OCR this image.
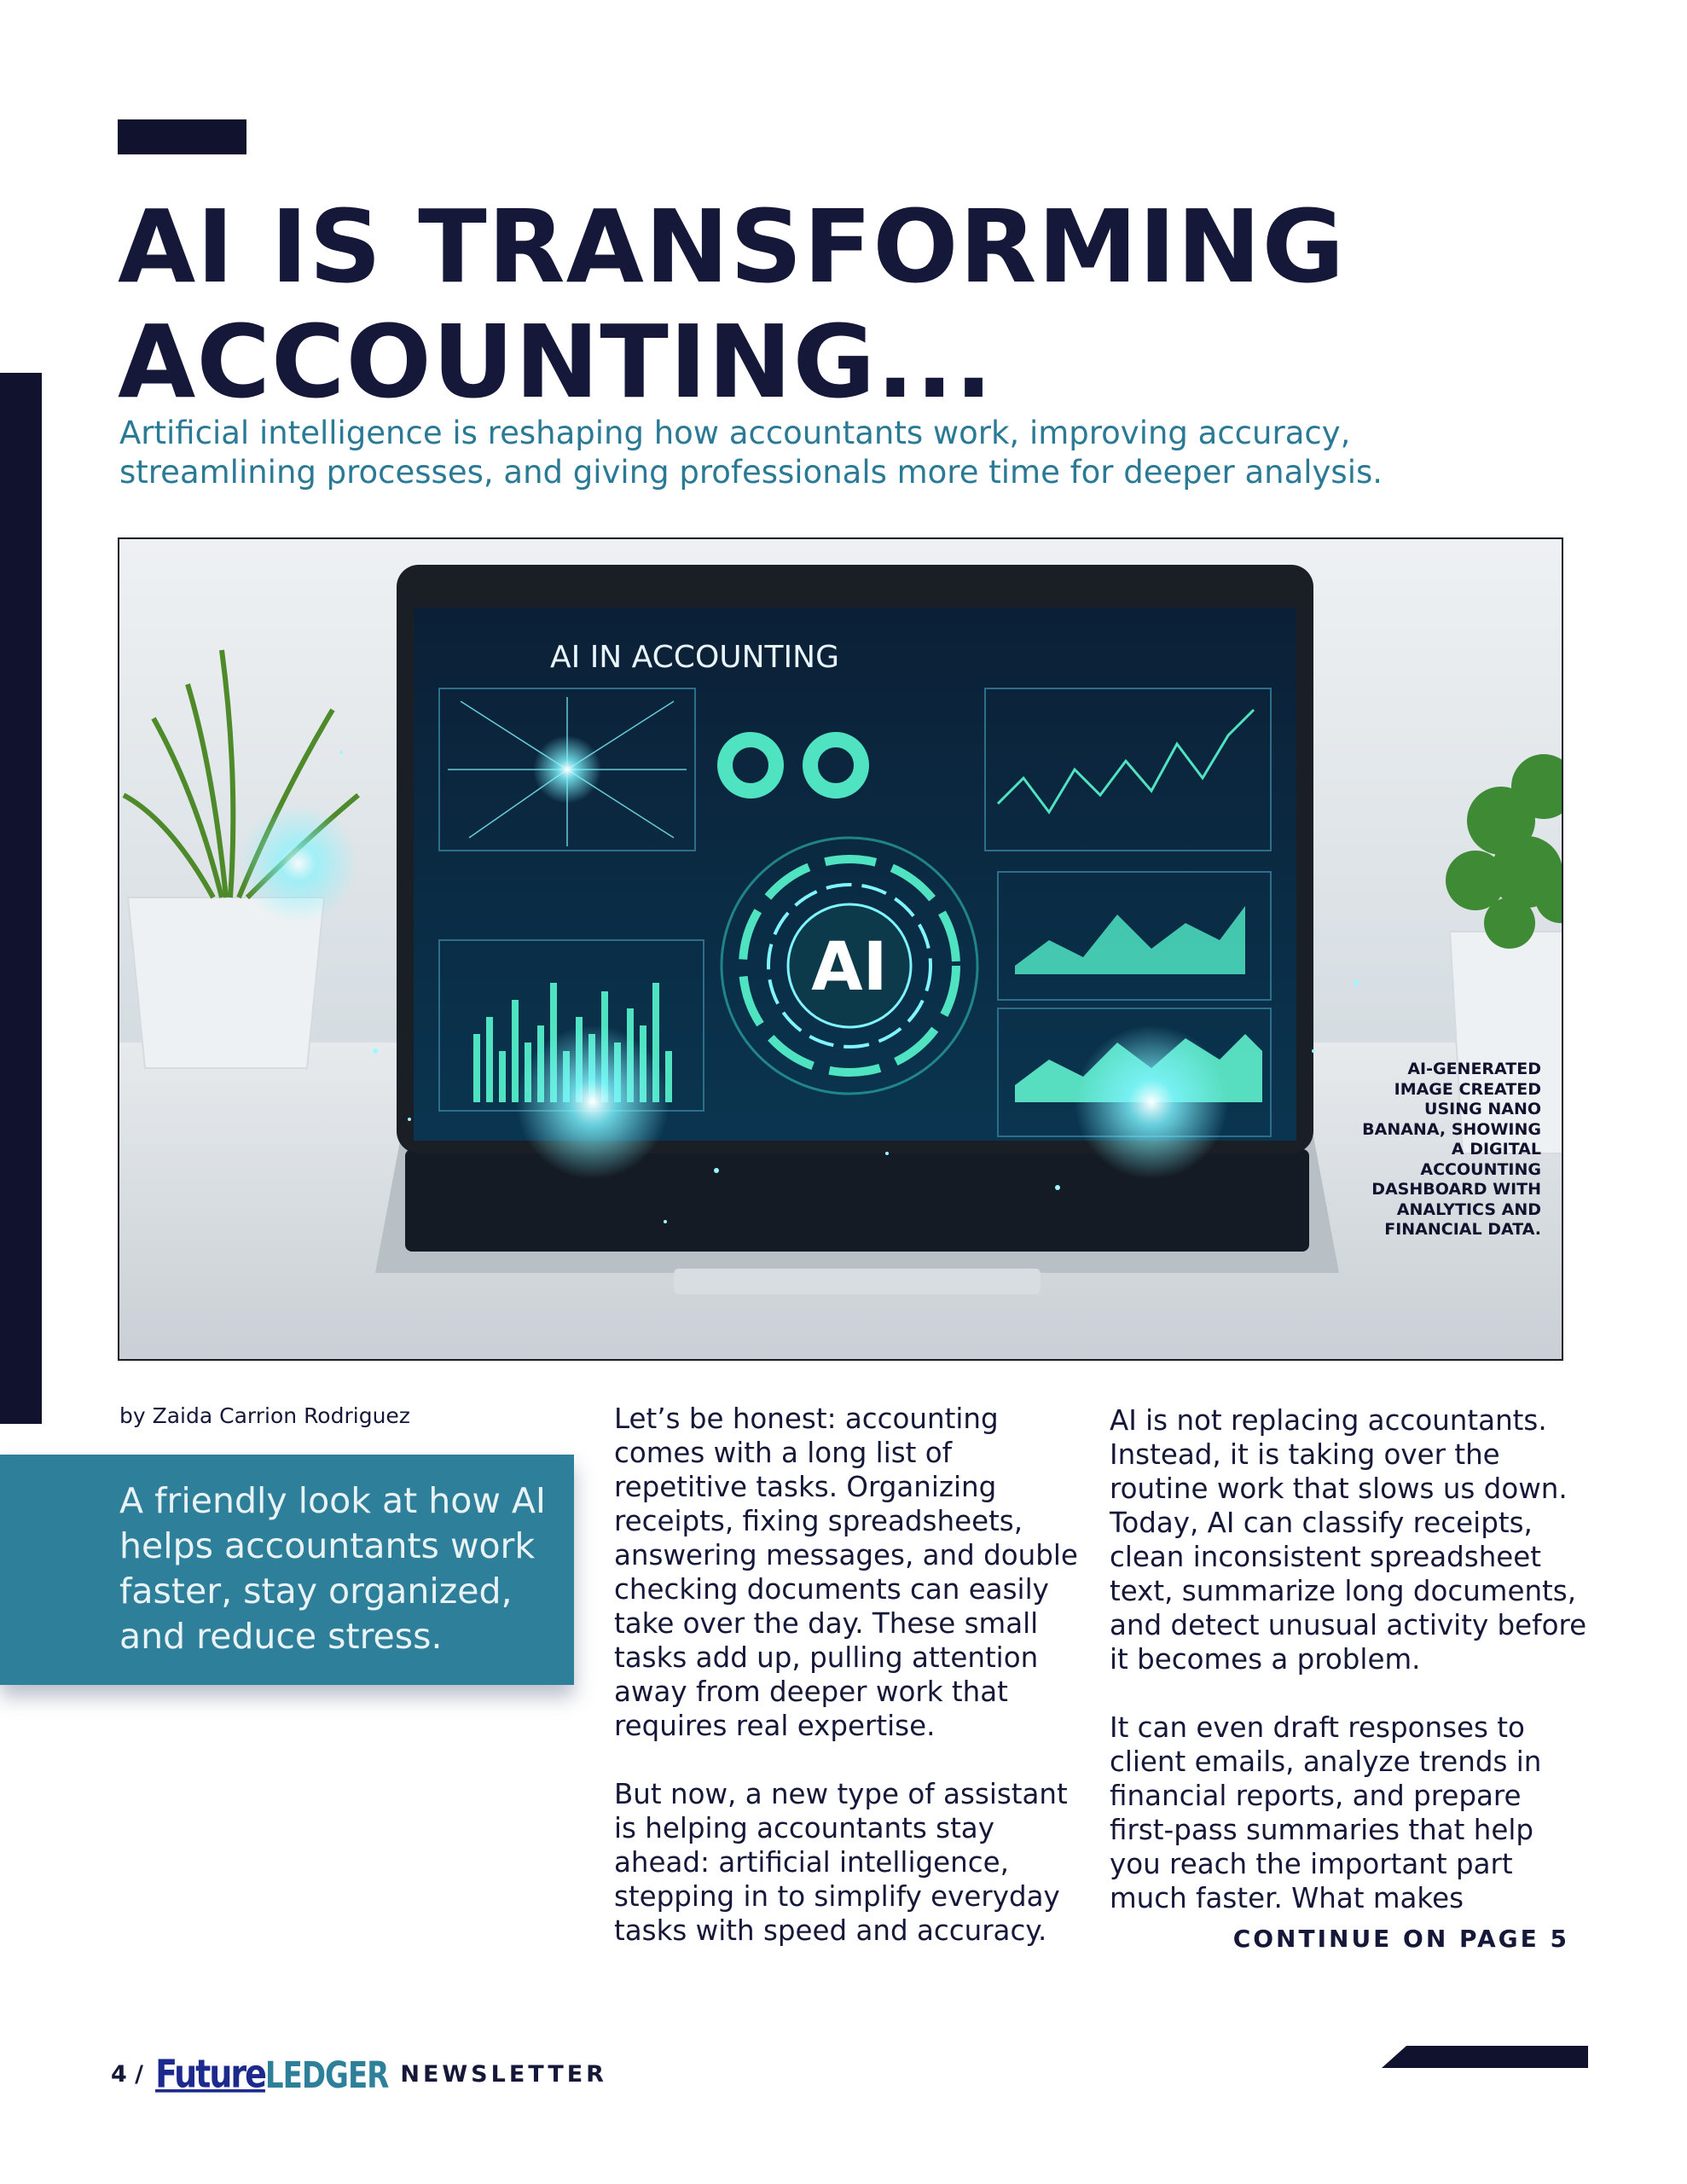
AI IS TRANSFORMING
ACCOUNTING...

Artificial intelligence is reshaping how accountants work, improving accuracy, streamlining processes, and giving professionals more time for deeper analysis.

AI IN ACCOUNTING
AI
AI-GENERATED IMAGE CREATED USING NANO BANANA, SHOWING A DIGITAL ACCOUNTING DASHBOARD WITH ANALYTICS AND FINANCIAL DATA.
by Zaida Carrion Rodriguez
A friendly look at how AI helps accountants work faster, stay organized, and reduce stress.

Let’s be honest: accounting comes with a long list of repetitive tasks. Organizing receipts, fixing spreadsheets, answering messages, and double checking documents can easily take over the day. These small tasks add up, pulling attention away from deeper work that requires real expertise.

But now, a new type of assistant is helping accountants stay ahead: artificial intelligence, stepping in to simplify everyday tasks with speed and accuracy.

AI is not replacing accountants. Instead, it is taking over the routine work that slows us down. Today, AI can classify receipts, clean inconsistent spreadsheet text, summarize long documents, and detect unusual activity before it becomes a problem.

It can even draft responses to client emails, analyze trends in financial reports, and prepare first-pass summaries that help you reach the important part much faster. What makes

CONTINUE ON PAGE 5
4 / Future LEDGER NEWSLETTER
